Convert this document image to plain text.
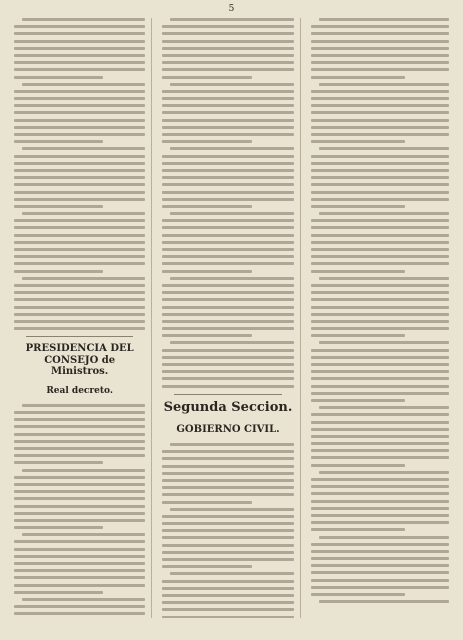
5
PRESIDENCIA DEL CONSEJO de Ministros.
Real decreto.
Segunda Seccion.
GOBIERNO CIVIL.
